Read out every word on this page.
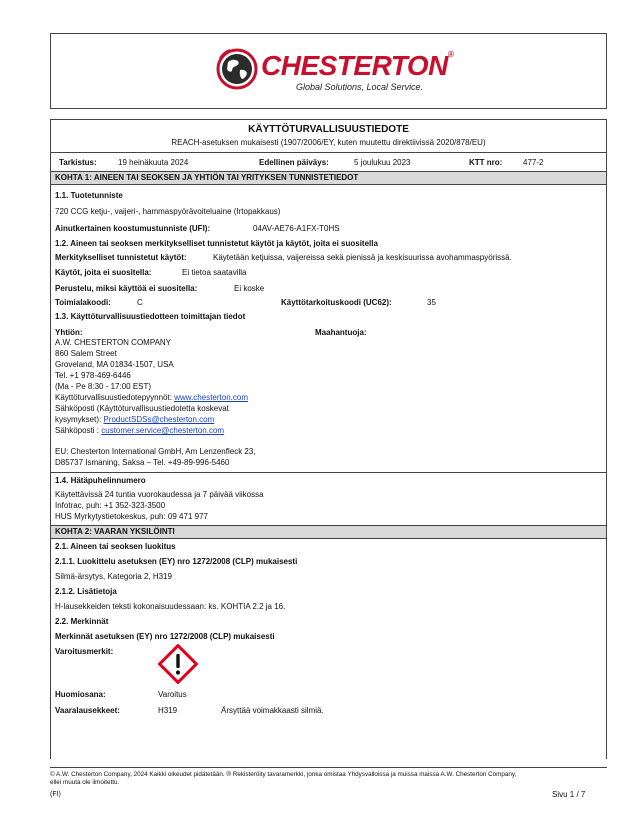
CHESTERTON®
Global Solutions, Local Service.
KÄYTTÖTURVALLISUUSTIEDOTE
REACH-asetuksen mukaisesti (1907/2006/EY, kuten muutettu direktiivissä 2020/878/EU)
Tarkistus:	19 heinäkuuta 2024	Edellinen päiväys:	5 joulukuu 2023	KTT nro:	477-2
KOHTA 1: AINEEN TAI SEOKSEN JA YHTIÖN TAI YRITYKSEN TUNNISTETIEDOT
1.1. Tuotetunniste
720 CCG ketju-, vaijeri-, hammaspyörävoiteluaine (Irtopakkaus)
Ainutkertainen koostumustunniste (UFI):	04AV-AE76-A1FX-T0HS
1.2. Aineen tai seoksen merkitykselliset tunnistetut käytöt ja käytöt, joita ei suositella
Merkitykselliset tunnistetut käytöt:	Käytetään ketjuissa, vaijereissa sekä pienissä ja keskisuurissa avohammaspyörissä.
Käytöt, joita ei suositella:	Ei tietoa saatavilla
Perustelu, miksi käyttöä ei suositella:	Ei koske
Toimialakoodi:	C	Käyttötarkoituskoodi (UC62):	35
1.3. Käyttöturvallisuustiedotteen toimittajan tiedot
Yhtiön:	Maahantuoja:
A.W. CHESTERTON COMPANY
860 Salem Street
Groveland, MA 01834-1507, USA
Tel. +1 978-469-6446
(Ma - Pe 8:30 - 17:00 EST)
Käyttöturvallisuustiedotepyynnöt: www.chesterton.com
Sähköposti (Käyttöturvallisuustiedotetta koskevat
kysymykset): ProductSDSs@chesterton.com
Sähköposti : customer.service@chesterton.com
EU: Chesterton International GmbH, Am Lenzenfleck 23,
D85737 Ismaning, Saksa – Tel. +49-89-996-5460
1.4. Hätäpuhelinnumero
Käytettävissä 24 tuntia vuorokaudessa ja 7 päivää viikossa
Infotrac, puh: +1 352-323-3500
HUS Myrkytystietokeskus, puh: 09 471 977
KOHTA 2: VAARAN YKSILÖINTI
2.1. Aineen tai seoksen luokitus
2.1.1. Luokittelu asetuksen (EY) nro 1272/2008 (CLP) mukaisesti
Silmä-ärsytys, Kategoria 2, H319
2.1.2. Lisätietoja
H-lausekkeiden teksti kokonaisuudessaan: ks. KOHTIA 2.2 ja 16.
2.2. Merkinnät
Merkinnät asetuksen (EY) nro 1272/2008 (CLP) mukaisesti
Varoitusmerkit:
Huomiosana:	Varoitus
Vaaralausekkeet:	H319	Ärsyttää voimakkaasti silmiä.
© A.W. Chesterton Company, 2024 Kaikki oikeudet pidätetään. ® Rekisteröity tavaramerkki, jonka omistaa Yhdysvalloissa ja muissa maissa A.W. Chesterton Company,
ellei muuta ole ilmoitettu.
(FI)	Sivu 1 / 7
